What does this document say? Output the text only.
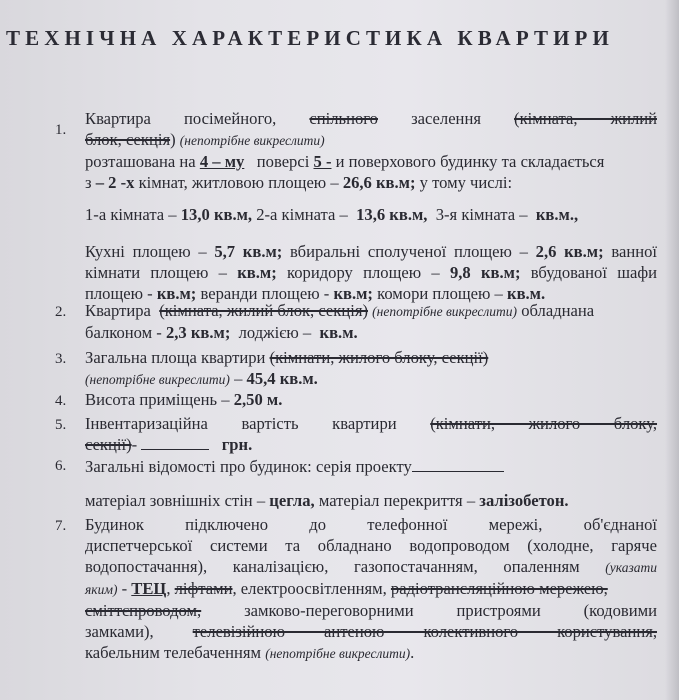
ТЕХНІЧНА ХАРАКТЕРИСТИКА КВАРТИРИ
1.
Квартира посімейного, спільного заселення (кімната, жилий
блок, секція) (непотрібне викреслити)
розташована на 4 – му поверсі 5 - и поверхового будинку та складається
з – 2 -х кімнат, житловою площею – 26,6 кв.м; у тому числі:
1-а кімната – 13,0 кв.м, 2-а кімната – 13,6 кв.м, 3-я кімната – кв.м.,
Кухні площею – 5,7 кв.м; вбиральні сполученої площею – 2,6 кв.м; ванної
кімнати площею – кв.м; коридору площею – 9,8 кв.м; вбудованої шафи
площею - кв.м; веранди площею - кв.м; комори площею – кв.м.
2.	Квартира (кімната, жилий блок, секція) (непотрібне викреслити) обладнана
балконом - 2,3 кв.м; лоджією – кв.м.
3.	Загальна площа квартири (кімнати, жилого блоку, секції)
(непотрібне викреслити) – 45,4 кв.м.
4.	Висота приміщень – 2,50 м.
5.	Інвентаризаційна вартість квартири (кімнати, жилого блоку,
секції)-	грн.
6.	Загальні відомості про будинок: серія проекту
матеріал зовнішніх стін – цегла, матеріал перекриття – залізобетон.
7.	Будинок підключено до телефонної мережі, об'єднаної
диспетчерської системи та обладнано водопроводом (холодне, гаряче
водопостачання), каналізацією, газопостачанням, опаленням (указати
яким) - ТЕЦ, ліфтами, електроосвітленням, радіотрансляційною мережею,
сміттєпроводом,	замково-переговорними пристроями (кодовими
замками), телевізійною антеною колективного користування,
кабельним телебаченням (непотрібне викреслити).
